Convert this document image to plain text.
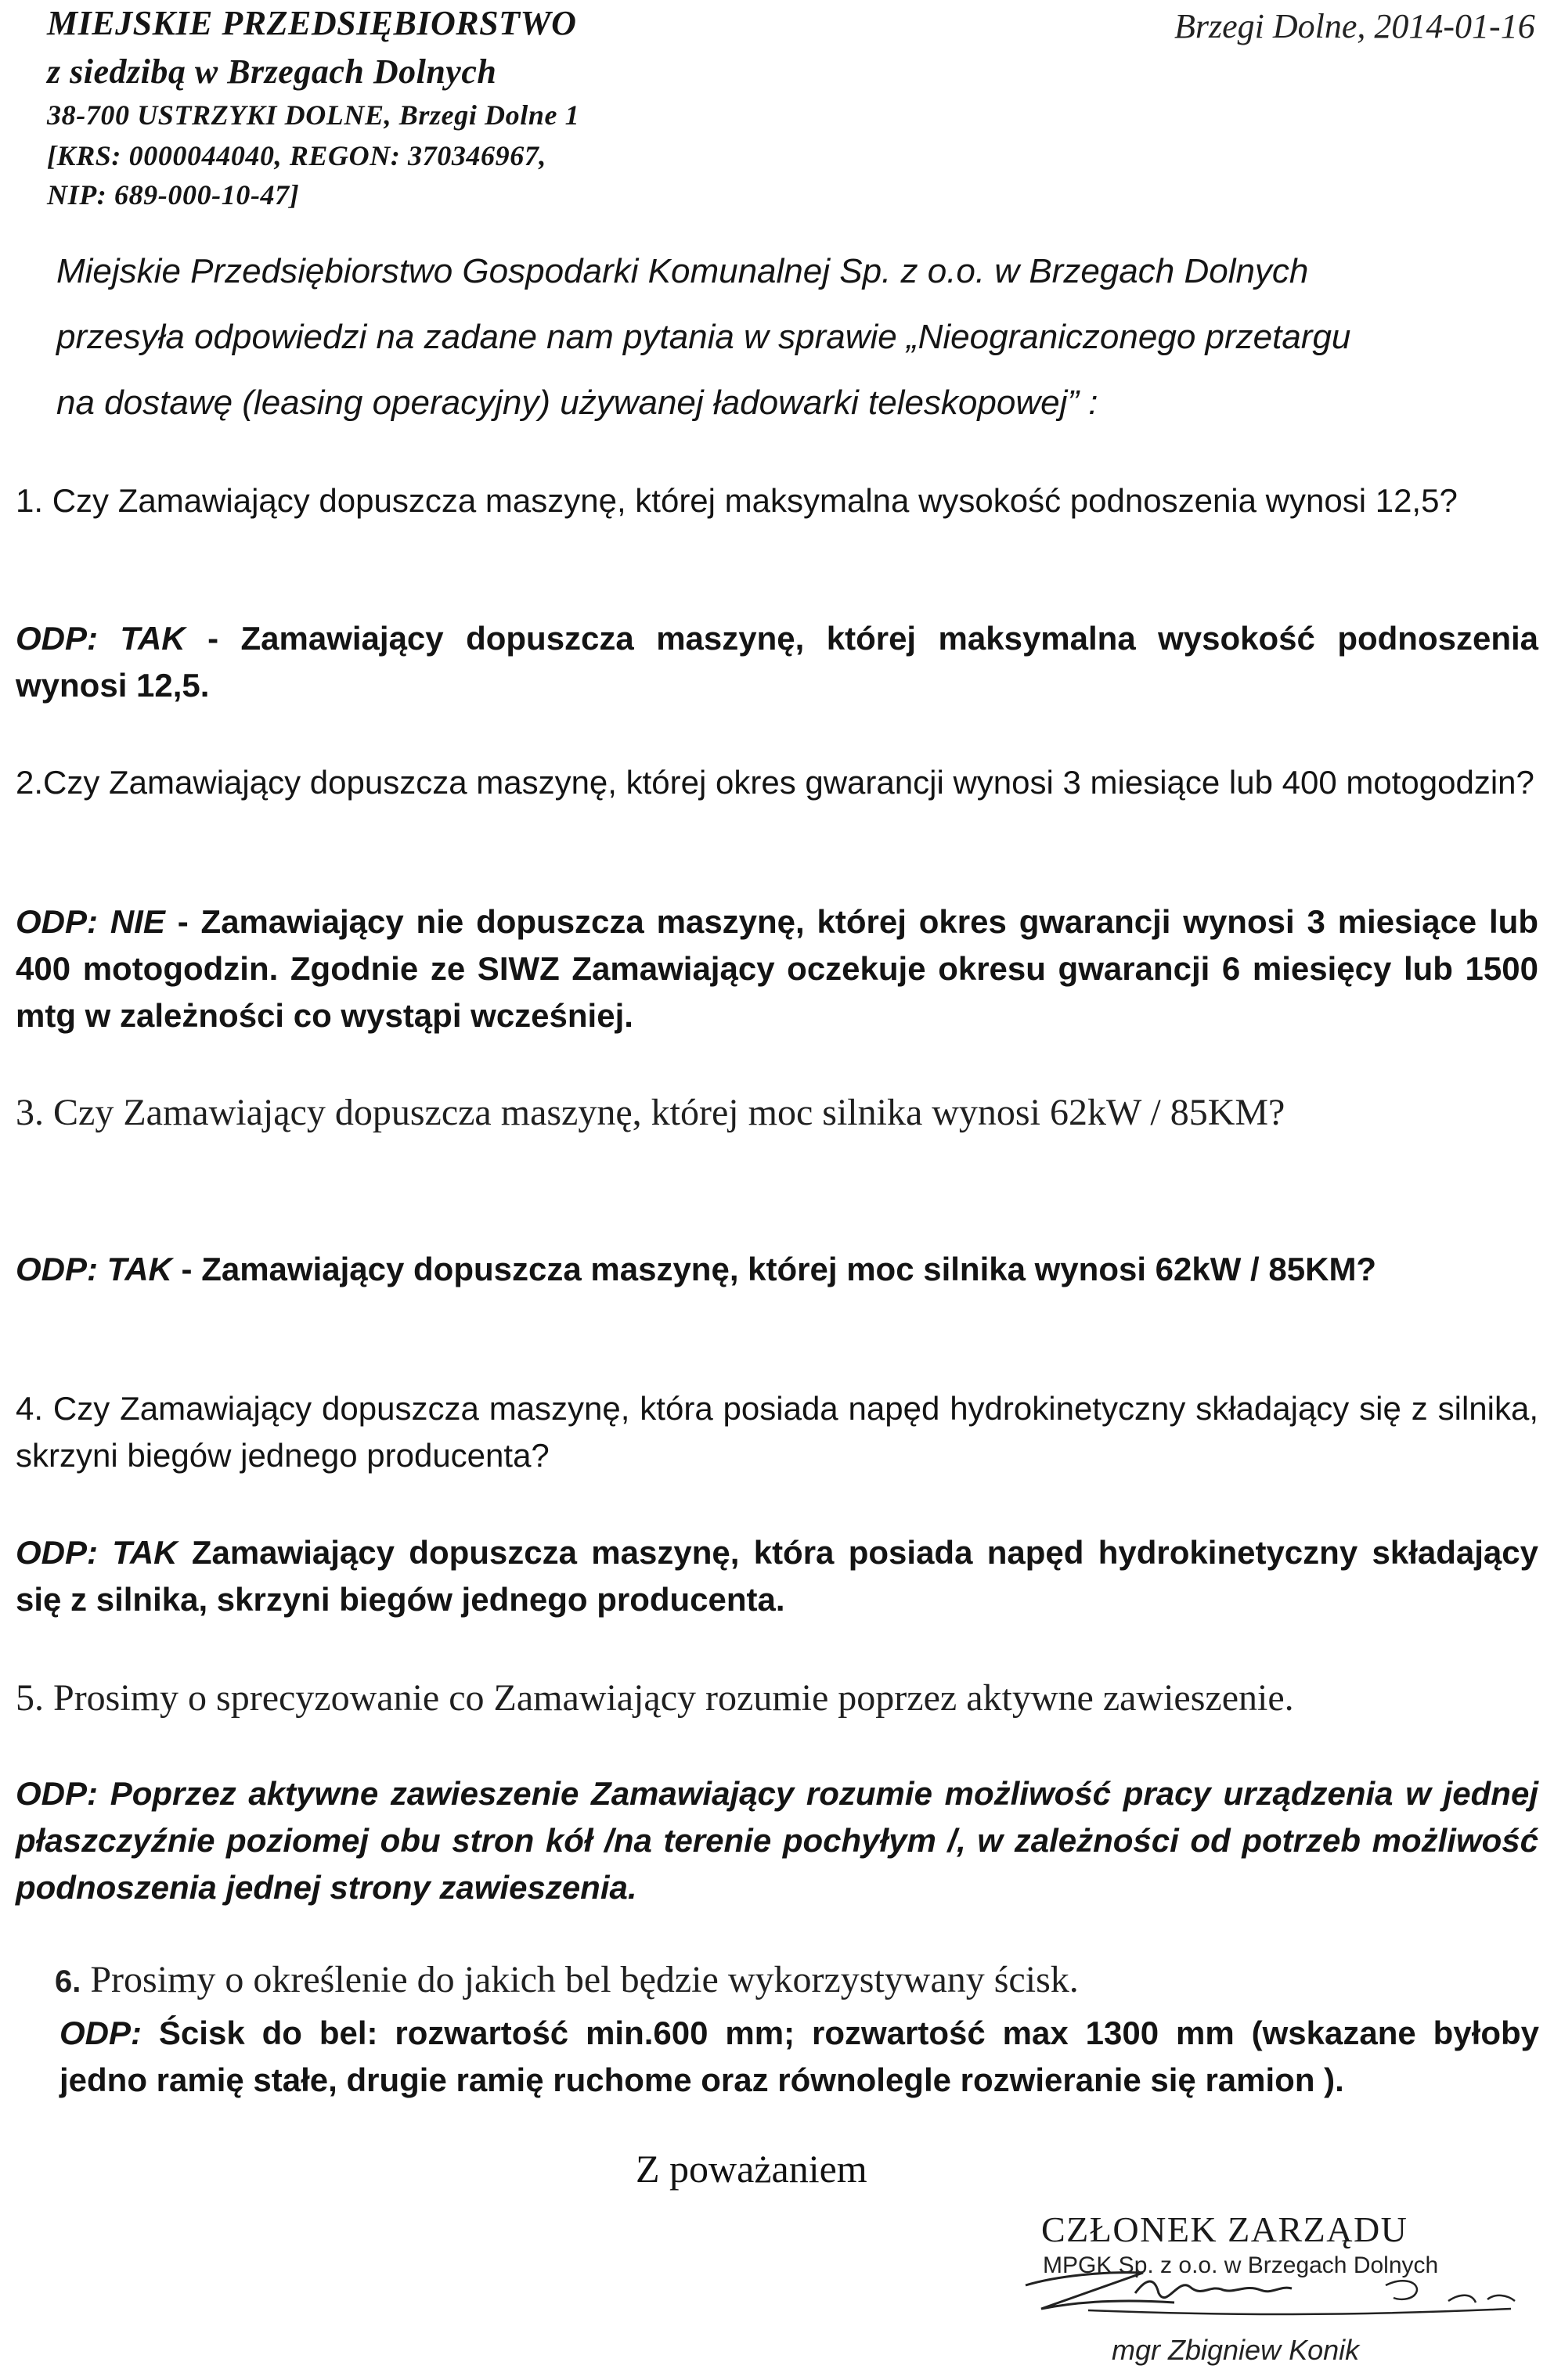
MIEJSKIE PRZEDSIĘBIORSTWO
z siedzibą w Brzegach Dolnych
38-700 USTRZYKI DOLNE, Brzegi Dolne 1
[KRS: 0000044040, REGON: 370346967,
NIP: 689-000-10-47]
Brzegi Dolne, 2014-01-16
Miejskie Przedsiębiorstwo Gospodarki Komunalnej Sp. z o.o. w Brzegach Dolnych
przesyła odpowiedzi na zadane nam pytania w sprawie „Nieograniczonego przetargu
na dostawę (leasing operacyjny) używanej ładowarki teleskopowej” :

1. Czy Zamawiający dopuszcza maszynę, której maksymalna wysokość podnoszenia wynosi 12,5?

ODP: TAK - Zamawiający dopuszcza maszynę, której maksymalna wysokość podnoszenia wynosi 12,5.

2.Czy Zamawiający dopuszcza maszynę, której okres gwarancji wynosi 3 miesiące lub 400 motogodzin?

ODP: NIE - Zamawiający nie dopuszcza maszynę, której okres gwarancji wynosi 3 miesiące lub 400 motogodzin. Zgodnie ze SIWZ Zamawiający oczekuje okresu gwarancji 6 miesięcy lub 1500 mtg w zależności co wystąpi wcześniej.

3. Czy Zamawiający dopuszcza maszynę, której moc silnika wynosi 62kW / 85KM?

ODP: TAK - Zamawiający dopuszcza maszynę, której moc silnika wynosi 62kW / 85KM?

4. Czy Zamawiający dopuszcza maszynę, która posiada napęd hydrokinetyczny składający się z silnika, skrzyni biegów jednego producenta?

ODP: TAK Zamawiający dopuszcza maszynę, która posiada napęd hydrokinetyczny składający się z silnika, skrzyni biegów jednego producenta.

5. Prosimy o sprecyzowanie co Zamawiający rozumie poprzez aktywne zawieszenie.

ODP: Poprzez aktywne zawieszenie Zamawiający rozumie możliwość pracy urządzenia w jednej płaszczyźnie poziomej obu stron kół /na terenie pochyłym /, w zależności od potrzeb możliwość podnoszenia jednej strony zawieszenia.

6. Prosimy o określenie do jakich bel będzie wykorzystywany ścisk.

ODP: Ścisk do bel: rozwartość min.600 mm; rozwartość max 1300 mm (wskazane byłoby jedno ramię stałe, drugie ramię ruchome oraz równolegle rozwieranie się ramion ).

Z poważaniem
CZŁONEK ZARZĄDU
MPGK Sp. z o.o. w Brzegach Dolnych
mgr Zbigniew Konik
